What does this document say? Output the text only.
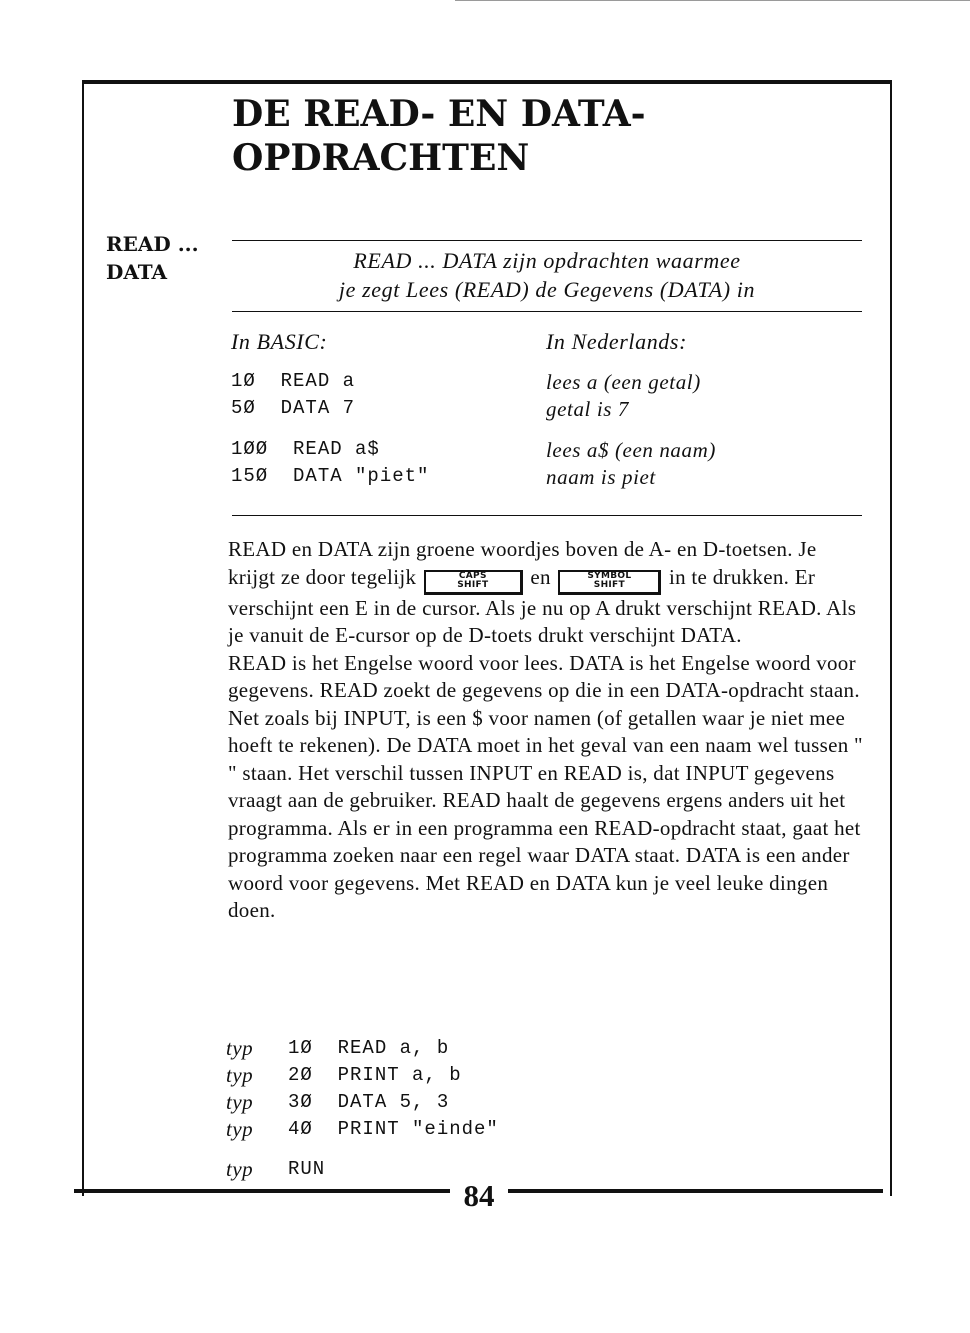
84
DE READ- EN DATA-
OPDRACHTEN
READ ...
DATA	READ ... DATA zijn opdrachten waarmee
je zegt Lees (READ) de Gegevens (DATA) in
In BASIC:	In Nederlands:
1Ø  READ a	lees a (een getal)
5Ø  DATA 7	getal is 7
1ØØ  READ a$	lees a$ (een naam)
15Ø  DATA "piet"	naam is piet
READ en DATA zijn groene woordjes boven de A- en D-toetsen. Je krijgt ze door tegelijk	CAPS
SHIFT en	SYMBOL
SHIFT in te drukken. Er verschijnt een E in de cursor. Als je nu op A drukt verschijnt READ. Als je vanuit de E-cursor op de D-toets drukt verschijnt DATA.
READ is het Engelse woord voor lees. DATA is het Engelse woord voor gegevens. READ zoekt de gegevens op die in een DATA-opdracht staan. Net zoals bij INPUT, is een $ voor namen (of getallen waar je niet mee hoeft te rekenen). De DATA moet in het geval van een naam wel tussen " " staan. Het verschil tussen INPUT en READ is, dat INPUT gegevens vraagt aan de gebruiker. READ haalt de gegevens ergens anders uit het programma. Als er in een programma een READ-opdracht staat, gaat het programma zoeken naar een regel waar DATA staat. DATA is een ander woord voor gegevens. Met READ en DATA kun je veel leuke dingen doen.
typ 1Ø  READ a, b
typ 2Ø  PRINT a, b
typ 3Ø  DATA 5, 3
typ 4Ø  PRINT "einde"
typ RUN
